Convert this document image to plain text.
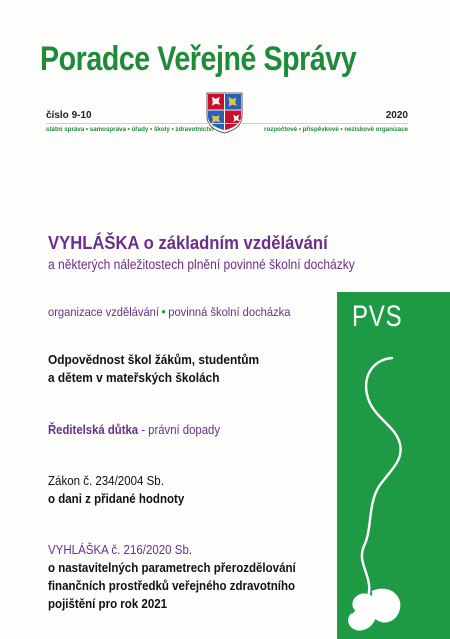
Poradce Veřejné Správy
číslo 9-10	2020
státní správa • samospráva • úřady • školy • zdravotnictví	rozpočtové • příspěvkové • neziskové organizace
PVS
VYHLÁŠKA o základním vzdělávání
a některých náležitostech plnění povinné školní docházky
organizace vzdělávání • povinná školní docházka
Odpovědnost škol žákům, studentům
a dětem v mateřských školách
Ředitelská důtka - právní dopady
Zákon č. 234/2004 Sb.
o dani z přidané hodnoty
VYHLÁŠKA č. 216/2020 Sb.
o nastavitelných parametrech přerozdělování
finančních prostředků veřejného zdravotního
pojištění pro rok 2021
